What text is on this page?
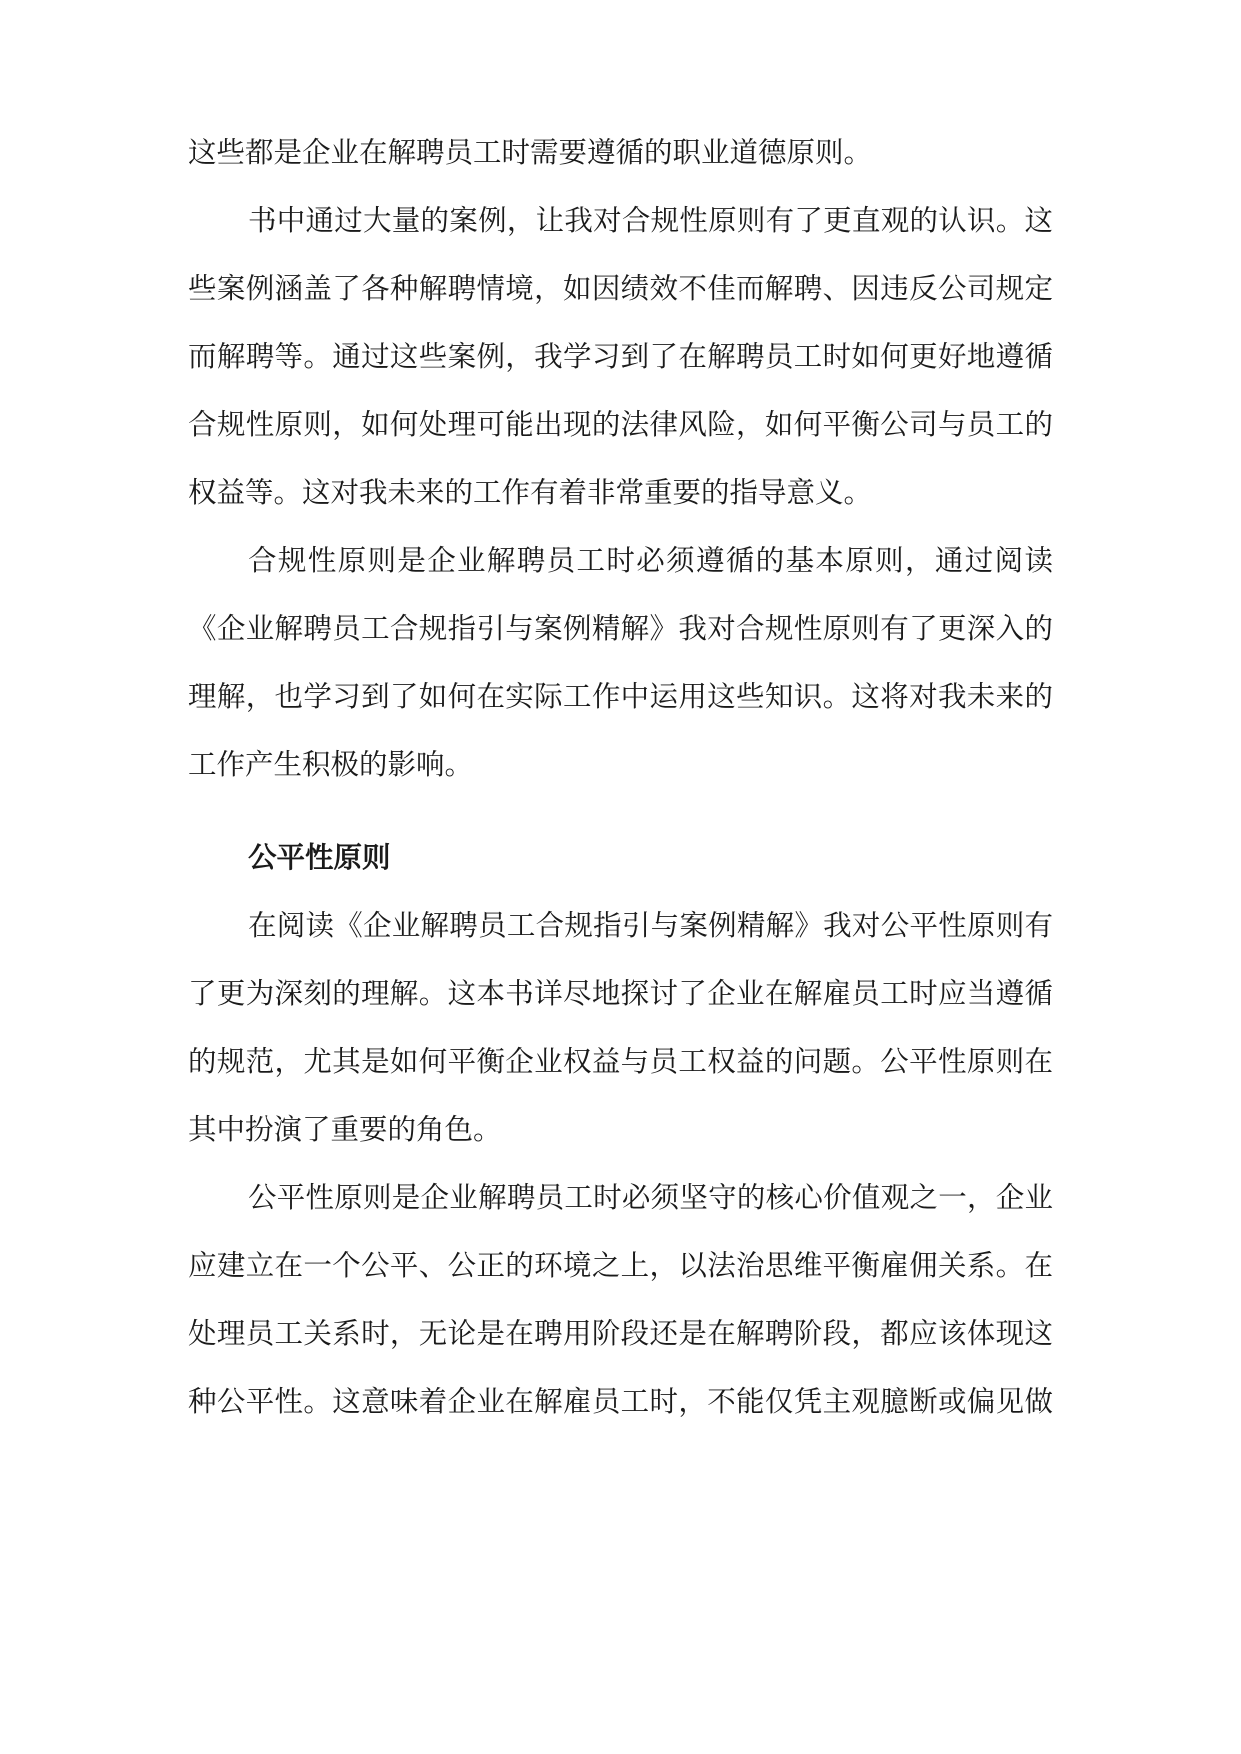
这些都是企业在解聘员工时需要遵循的职业道德原则。
书中通过大量的案例，让我对合规性原则有了更直观的认识。这
些案例涵盖了各种解聘情境，如因绩效不佳而解聘、因违反公司规定
而解聘等。通过这些案例，我学习到了在解聘员工时如何更好地遵循
合规性原则，如何处理可能出现的法律风险，如何平衡公司与员工的
权益等。这对我未来的工作有着非常重要的指导意义。
合规性原则是企业解聘员工时必须遵循的基本原则，通过阅读
《企业解聘员工合规指引与案例精解》我对合规性原则有了更深入的
理解，也学习到了如何在实际工作中运用这些知识。这将对我未来的
工作产生积极的影响。
公平性原则
在阅读《企业解聘员工合规指引与案例精解》我对公平性原则有
了更为深刻的理解。这本书详尽地探讨了企业在解雇员工时应当遵循
的规范，尤其是如何平衡企业权益与员工权益的问题。公平性原则在
其中扮演了重要的角色。
公平性原则是企业解聘员工时必须坚守的核心价值观之一，企业
应建立在一个公平、公正的环境之上，以法治思维平衡雇佣关系。在
处理员工关系时，无论是在聘用阶段还是在解聘阶段，都应该体现这
种公平性。这意味着企业在解雇员工时，不能仅凭主观臆断或偏见做
